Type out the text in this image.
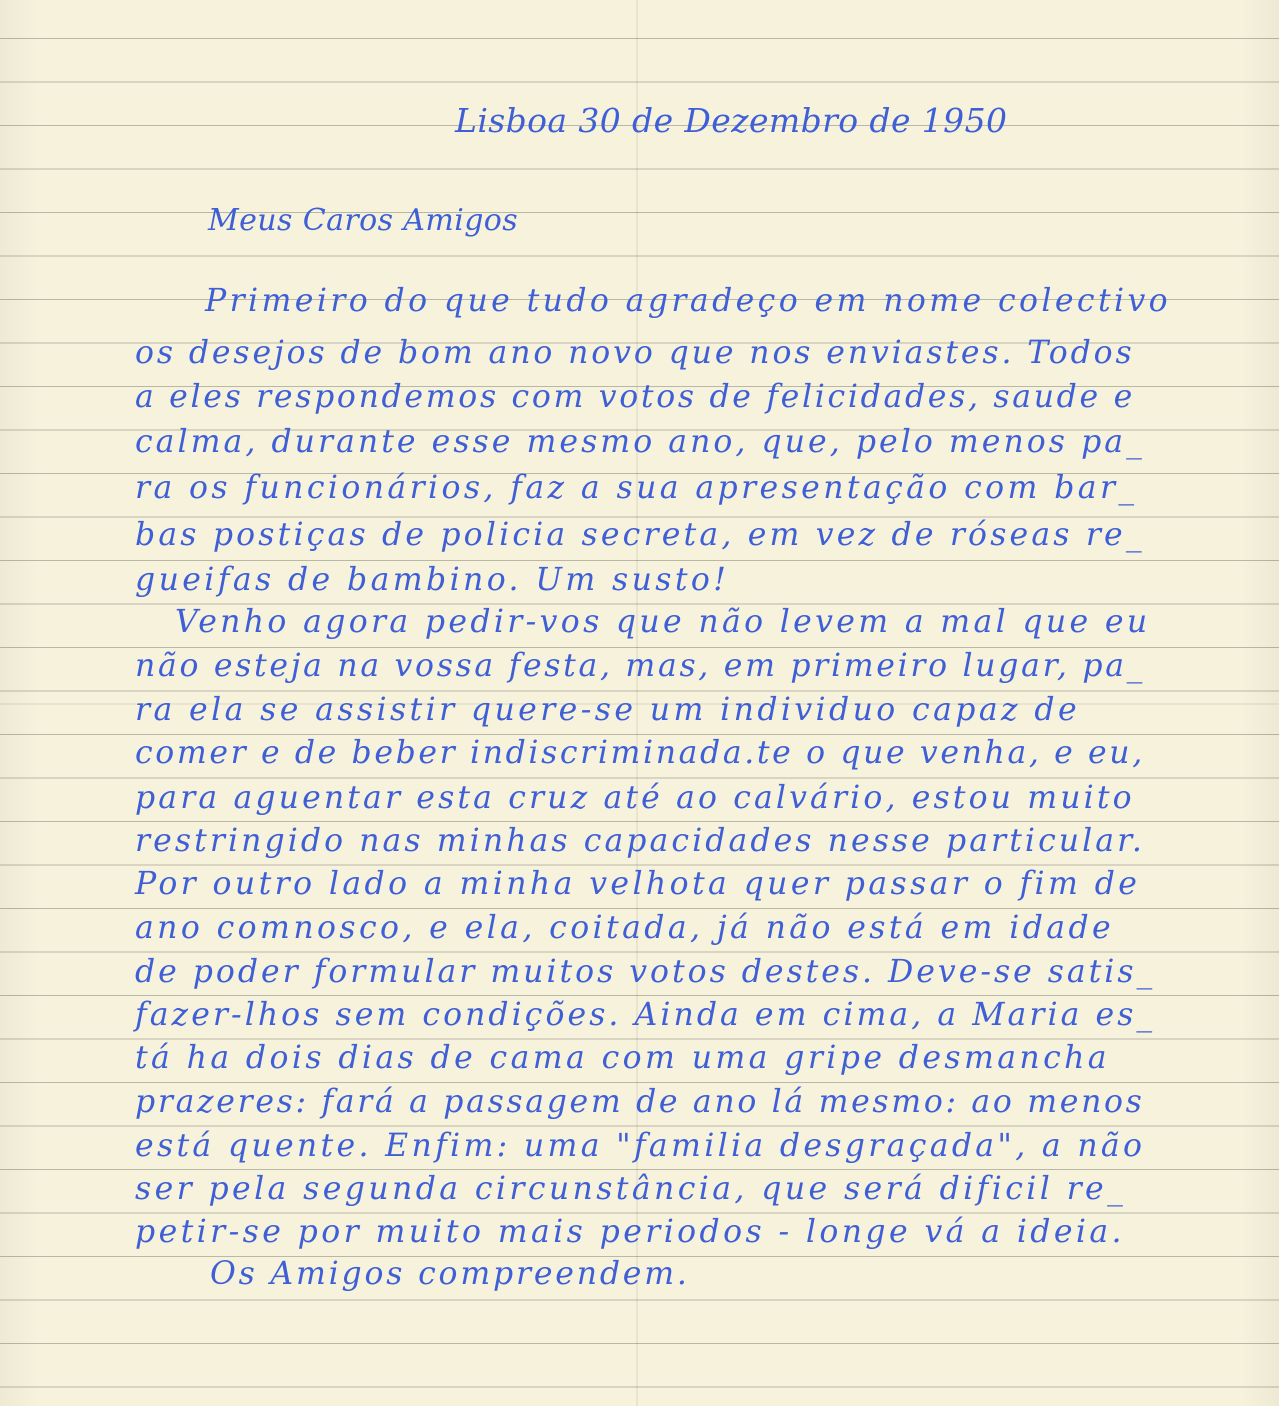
Lisboa 30 de Dezembro de 1950
Meus Caros Amigos
Primeiro do que tudo agradeço em nome colectivo
os desejos de bom ano novo que nos enviastes. Todos
a eles respondemos com votos de felicidades, saude e
calma, durante esse mesmo ano, que, pelo menos pa_
ra os funcionários, faz a sua apresentação com bar_
bas postiças de policia secreta, em vez de róseas re_
gueifas de bambino. Um susto!
Venho agora pedir-vos que não levem a mal que eu
não esteja na vossa festa, mas, em primeiro lugar, pa_
ra ela se assistir quere-se um individuo capaz de
comer e de beber indiscriminada.te o que venha, e eu,
para aguentar esta cruz até ao calvário, estou muito
restringido nas minhas capacidades nesse particular.
Por outro lado a minha velhota quer passar o fim de
ano comnosco, e ela, coitada, já não está em idade
de poder formular muitos votos destes. Deve-se satis_
fazer-lhos sem condições. Ainda em cima, a Maria es_
tá ha dois dias de cama com uma gripe desmancha
prazeres: fará a passagem de ano lá mesmo: ao menos
está quente. Enfim: uma "familia desgraçada", a não
ser pela segunda circunstância, que será dificil re_
petir-se por muito mais periodos - longe vá a ideia.
Os Amigos compreendem.
